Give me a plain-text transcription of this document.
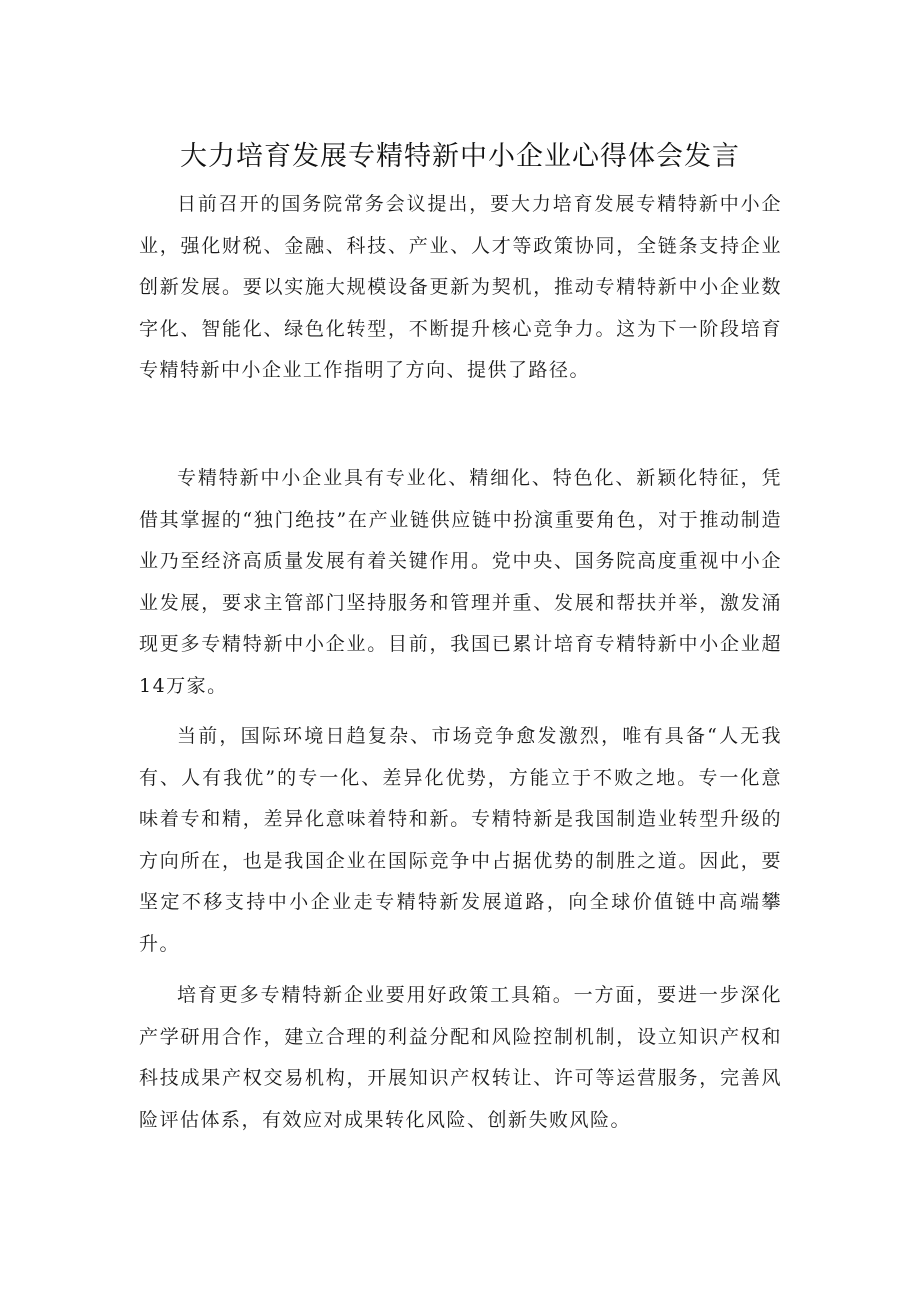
大力培育发展专精特新中小企业心得体会发言

日前召开的国务院常务会议提出，要大力培育发展专精特新中小企业，强化财税、金融、科技、产业、人才等政策协同，全链条支持企业创新发展。要以实施大规模设备更新为契机，推动专精特新中小企业数字化、智能化、绿色化转型，不断提升核心竞争力。这为下一阶段培育专精特新中小企业工作指明了方向、提供了路径。

专精特新中小企业具有专业化、精细化、特色化、新颖化特征，凭借其掌握的“独门绝技”在产业链供应链中扮演重要角色，对于推动制造业乃至经济高质量发展有着关键作用。党中央、国务院高度重视中小企业发展，要求主管部门坚持服务和管理并重、发展和帮扶并举，激发涌现更多专精特新中小企业。目前，我国已累计培育专精特新中小企业超14万家。

当前，国际环境日趋复杂、市场竞争愈发激烈，唯有具备“人无我有、人有我优”的专一化、差异化优势，方能立于不败之地。专一化意味着专和精，差异化意味着特和新。专精特新是我国制造业转型升级的方向所在，也是我国企业在国际竞争中占据优势的制胜之道。因此，要坚定不移支持中小企业走专精特新发展道路，向全球价值链中高端攀升。

培育更多专精特新企业要用好政策工具箱。一方面，要进一步深化产学研用合作，建立合理的利益分配和风险控制机制，设立知识产权和科技成果产权交易机构，开展知识产权转让、许可等运营服务，完善风险评估体系，有效应对成果转化风险、创新失败风险。
